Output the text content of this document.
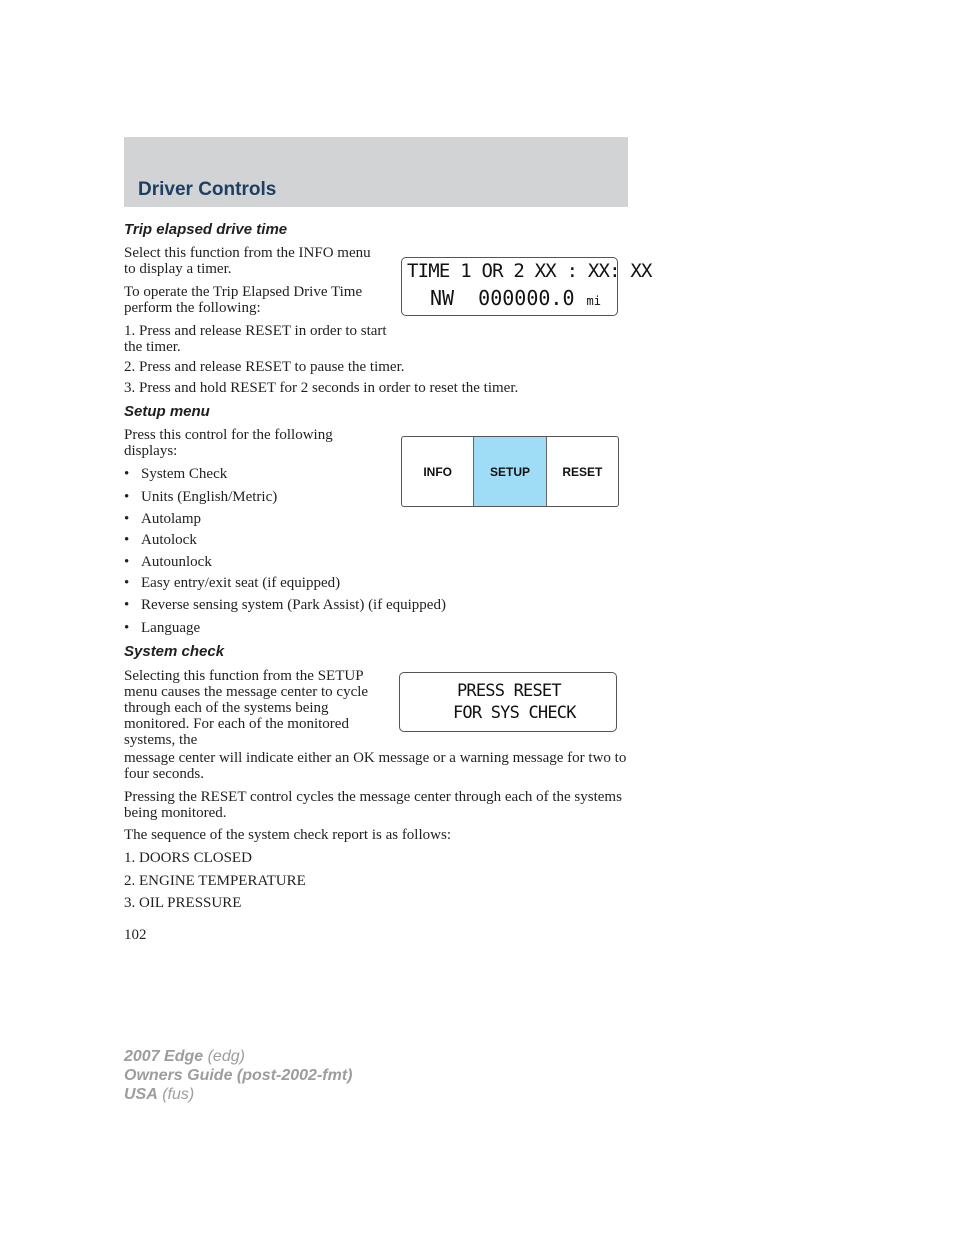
Driver Controls
Trip elapsed drive time

Select this function from the INFO menu to display a timer.

To operate the Trip Elapsed Drive Time perform the following:

1. Press and release RESET in order to start the timer.

2. Press and release RESET to pause the timer.

3. Press and hold RESET for 2 seconds in order to reset the timer.

TIME 1 OR 2 XX : XX: XX
NW  000000.0 mi
Setup menu

Press this control for the following displays:

• System Check

• Units (English/Metric)

• Autolamp

• Autolock

• Autounlock

• Easy entry/exit seat (if equipped)

• Reverse sensing system (Park Assist) (if equipped)

• Language

INFO	SETUP	RESET
System check
PRESS RESET
FOR SYS CHECK

Selecting this function from the SETUP menu causes the message center to cycle through each of the systems being monitored. For each of the monitored systems, the

Pressing the RESET control cycles the message center through each of the systems being monitored.

The sequence of the system check report is as follows:

1. DOORS CLOSED

2. ENGINE TEMPERATURE

3. OIL PRESSURE

102

2007 Edge (edg)
Owners Guide (post-2002-fmt)
USA (fus)

message center will indicate either an OK message or a warning message for two to four seconds.
